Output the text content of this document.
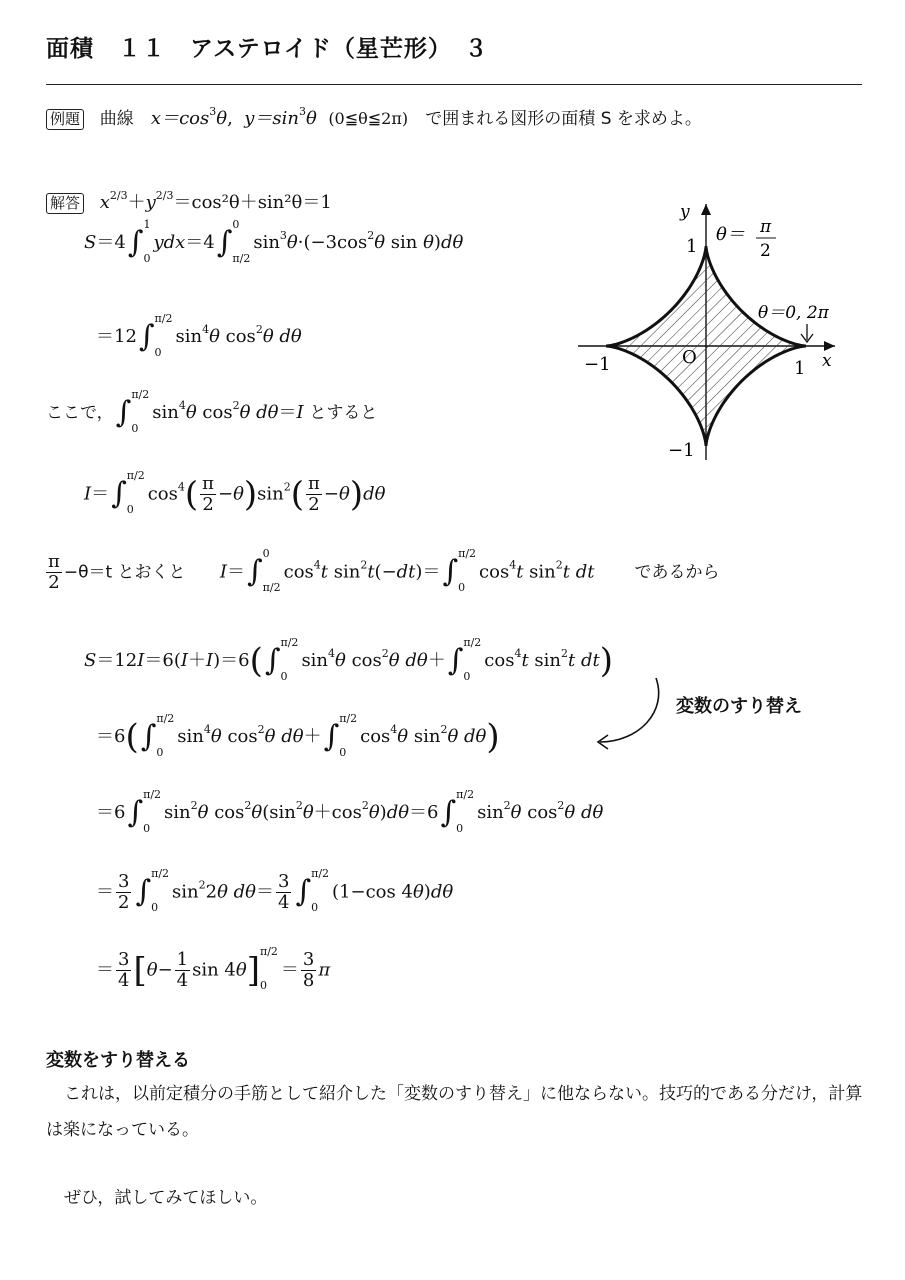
面積　１１　アステロイド（星芒形）　３
例題 曲線 $x=\cos^3\theta$,  $y=\sin^3\theta$ (0≦θ≦2π) で囲まれる図形の面積 S を求めよ。
解答 $x^{2/3}+y^{2/3}=\cos^2\theta+\sin^2\theta=1$
S＝4∫
1
0
ydx＝4∫
0
π/2
$\sin^3\theta\cdot(-3\cos^2\theta$ sin θ)dθ
＝12∫
π/2
0
$\sin^4\theta$ $\cos^2\theta$ dθ
ここで，∫
π/2
0
$\sin^4\theta$ $\cos^2\theta$ dθ＝I とすると
I＝∫
π/2
0
$\cos^4( \frac{\pi}{2} -\theta)\sin^2( \frac{\pi}{2} -\theta)d\theta$
$\frac{\pi}{2} -\theta=t$ とおくと I＝∫
0
π/2
$\cos^4t$ $\sin^2t(-dt)=\int$
π/2
0
$\cos^4t$ $\sin^2t$ dt であるから
S＝12I＝6(I＋I)＝6(∫
π/2
0
$\sin^4\theta$ $\cos^2\theta$ dθ＋∫
π/2
0
$\cos^4t$ $\sin^2t$ dt)
変数のすり替え
＝6(∫
π/2
0
$\sin^4\theta$ $\cos^2\theta$ dθ＋∫
π/2
0
$\cos^4\theta$ $\sin^2\theta$ dθ)
＝6∫
π/2
0
$\sin^2\theta$ $\cos^2\theta(\sin^2\theta+\cos^2\theta)d\theta=6\int$
π/2
0
$\sin^2\theta$ $\cos^2\theta$ dθ
＝ $\frac{3}{2}$ ∫
π/2
0
$\sin^22\theta$ $d\theta= \frac{3}{4}$ ∫
π/2
0
(1−cos 4θ)dθ
＝ $\frac{3}{4} [\theta- \frac{1}{4}$ sin 4θ] π/2
0
＝ $\frac{3}{8}$ π
y
x
O
1
1
−1
−1
θ＝ π
2
θ＝0, 2π
変数をすり替える
これは，以前定積分の手筋として紹介した「変数のすり替え」に他ならない。技巧的である分だけ，計算は楽になっている。
ぜひ，試してみてほしい。
